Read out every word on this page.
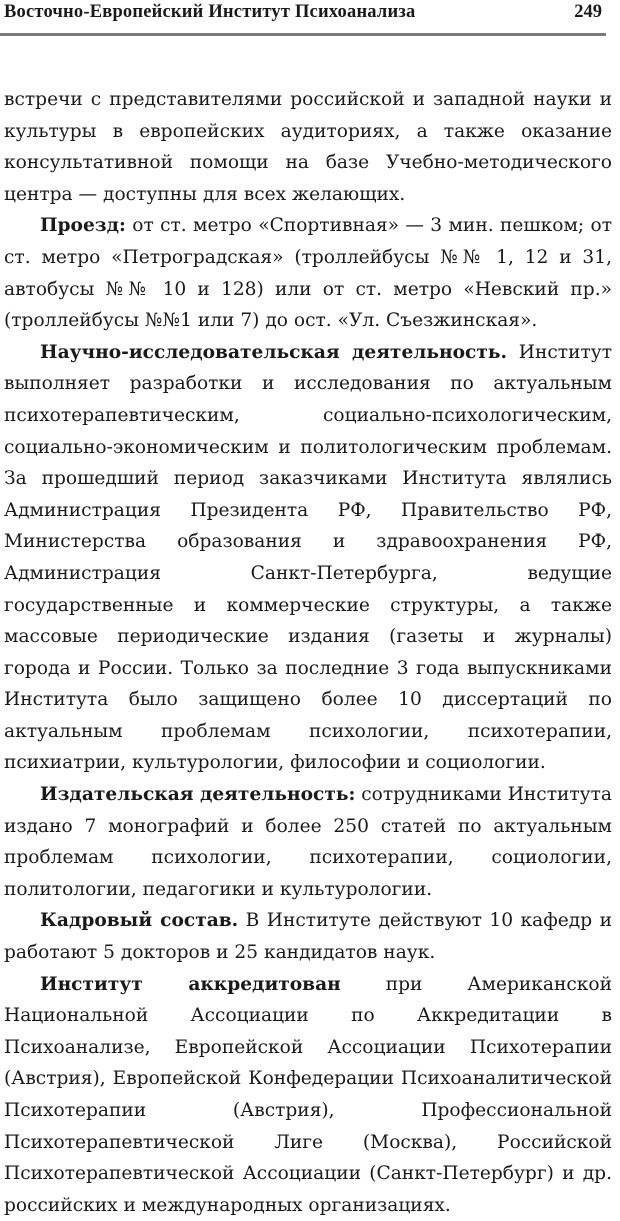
Восточно-Европейский Институт Психоанализа	249

встречи с представителями российской и западной науки и культуры в европейских аудиториях, а также оказание консультативной помощи на базе Учебно-методического центра — доступны для всех желающих.

Проезд: от ст. метро «Спортивная» — 3 мин. пешком; от ст. метро «Петроградская» (троллейбусы №№ 1, 12 и 31, автобусы №№ 10 и 128) или от ст. метро «Невский пр.» (троллейбусы №№1 или 7) до ост. «Ул. Съезжинская».

Научно-исследовательская деятельность. Институт выполняет разработки и исследования по актуальным психотерапевтическим, социально-психологическим, социально-экономическим и политологическим проблемам. За прошедший период заказчиками Института являлись Администрация Президента РФ, Правительство РФ, Министерства образования и здравоохранения РФ, Администрация Санкт-Петербурга, ведущие государственные и коммерческие структуры, а также массовые периодические издания (газеты и журналы) города и России. Только за последние 3 года выпускниками Института было защищено более 10 диссертаций по актуальным проблемам психологии, психотерапии, психиатрии, культурологии, философии и социологии.

Издательская деятельность: сотрудниками Института издано 7 монографий и более 250 статей по актуальным проблемам психологии, психотерапии, социологии, политологии, педагогики и культурологии.

Кадровый состав. В Институте действуют 10 кафедр и работают 5 докторов и 25 кандидатов наук.

Институт аккредитован при Американской Национальной Ассоциации по Аккредитации в Психоанализе, Европейской Ассоциации Психотерапии (Австрия), Европейской Конфедерации Психоаналитической Психотерапии (Австрия), Профессиональной Психотерапевтической Лиге (Москва), Российской Психотерапевтической Ассоциации (Санкт-Петербург) и др. российских и международных организациях.
